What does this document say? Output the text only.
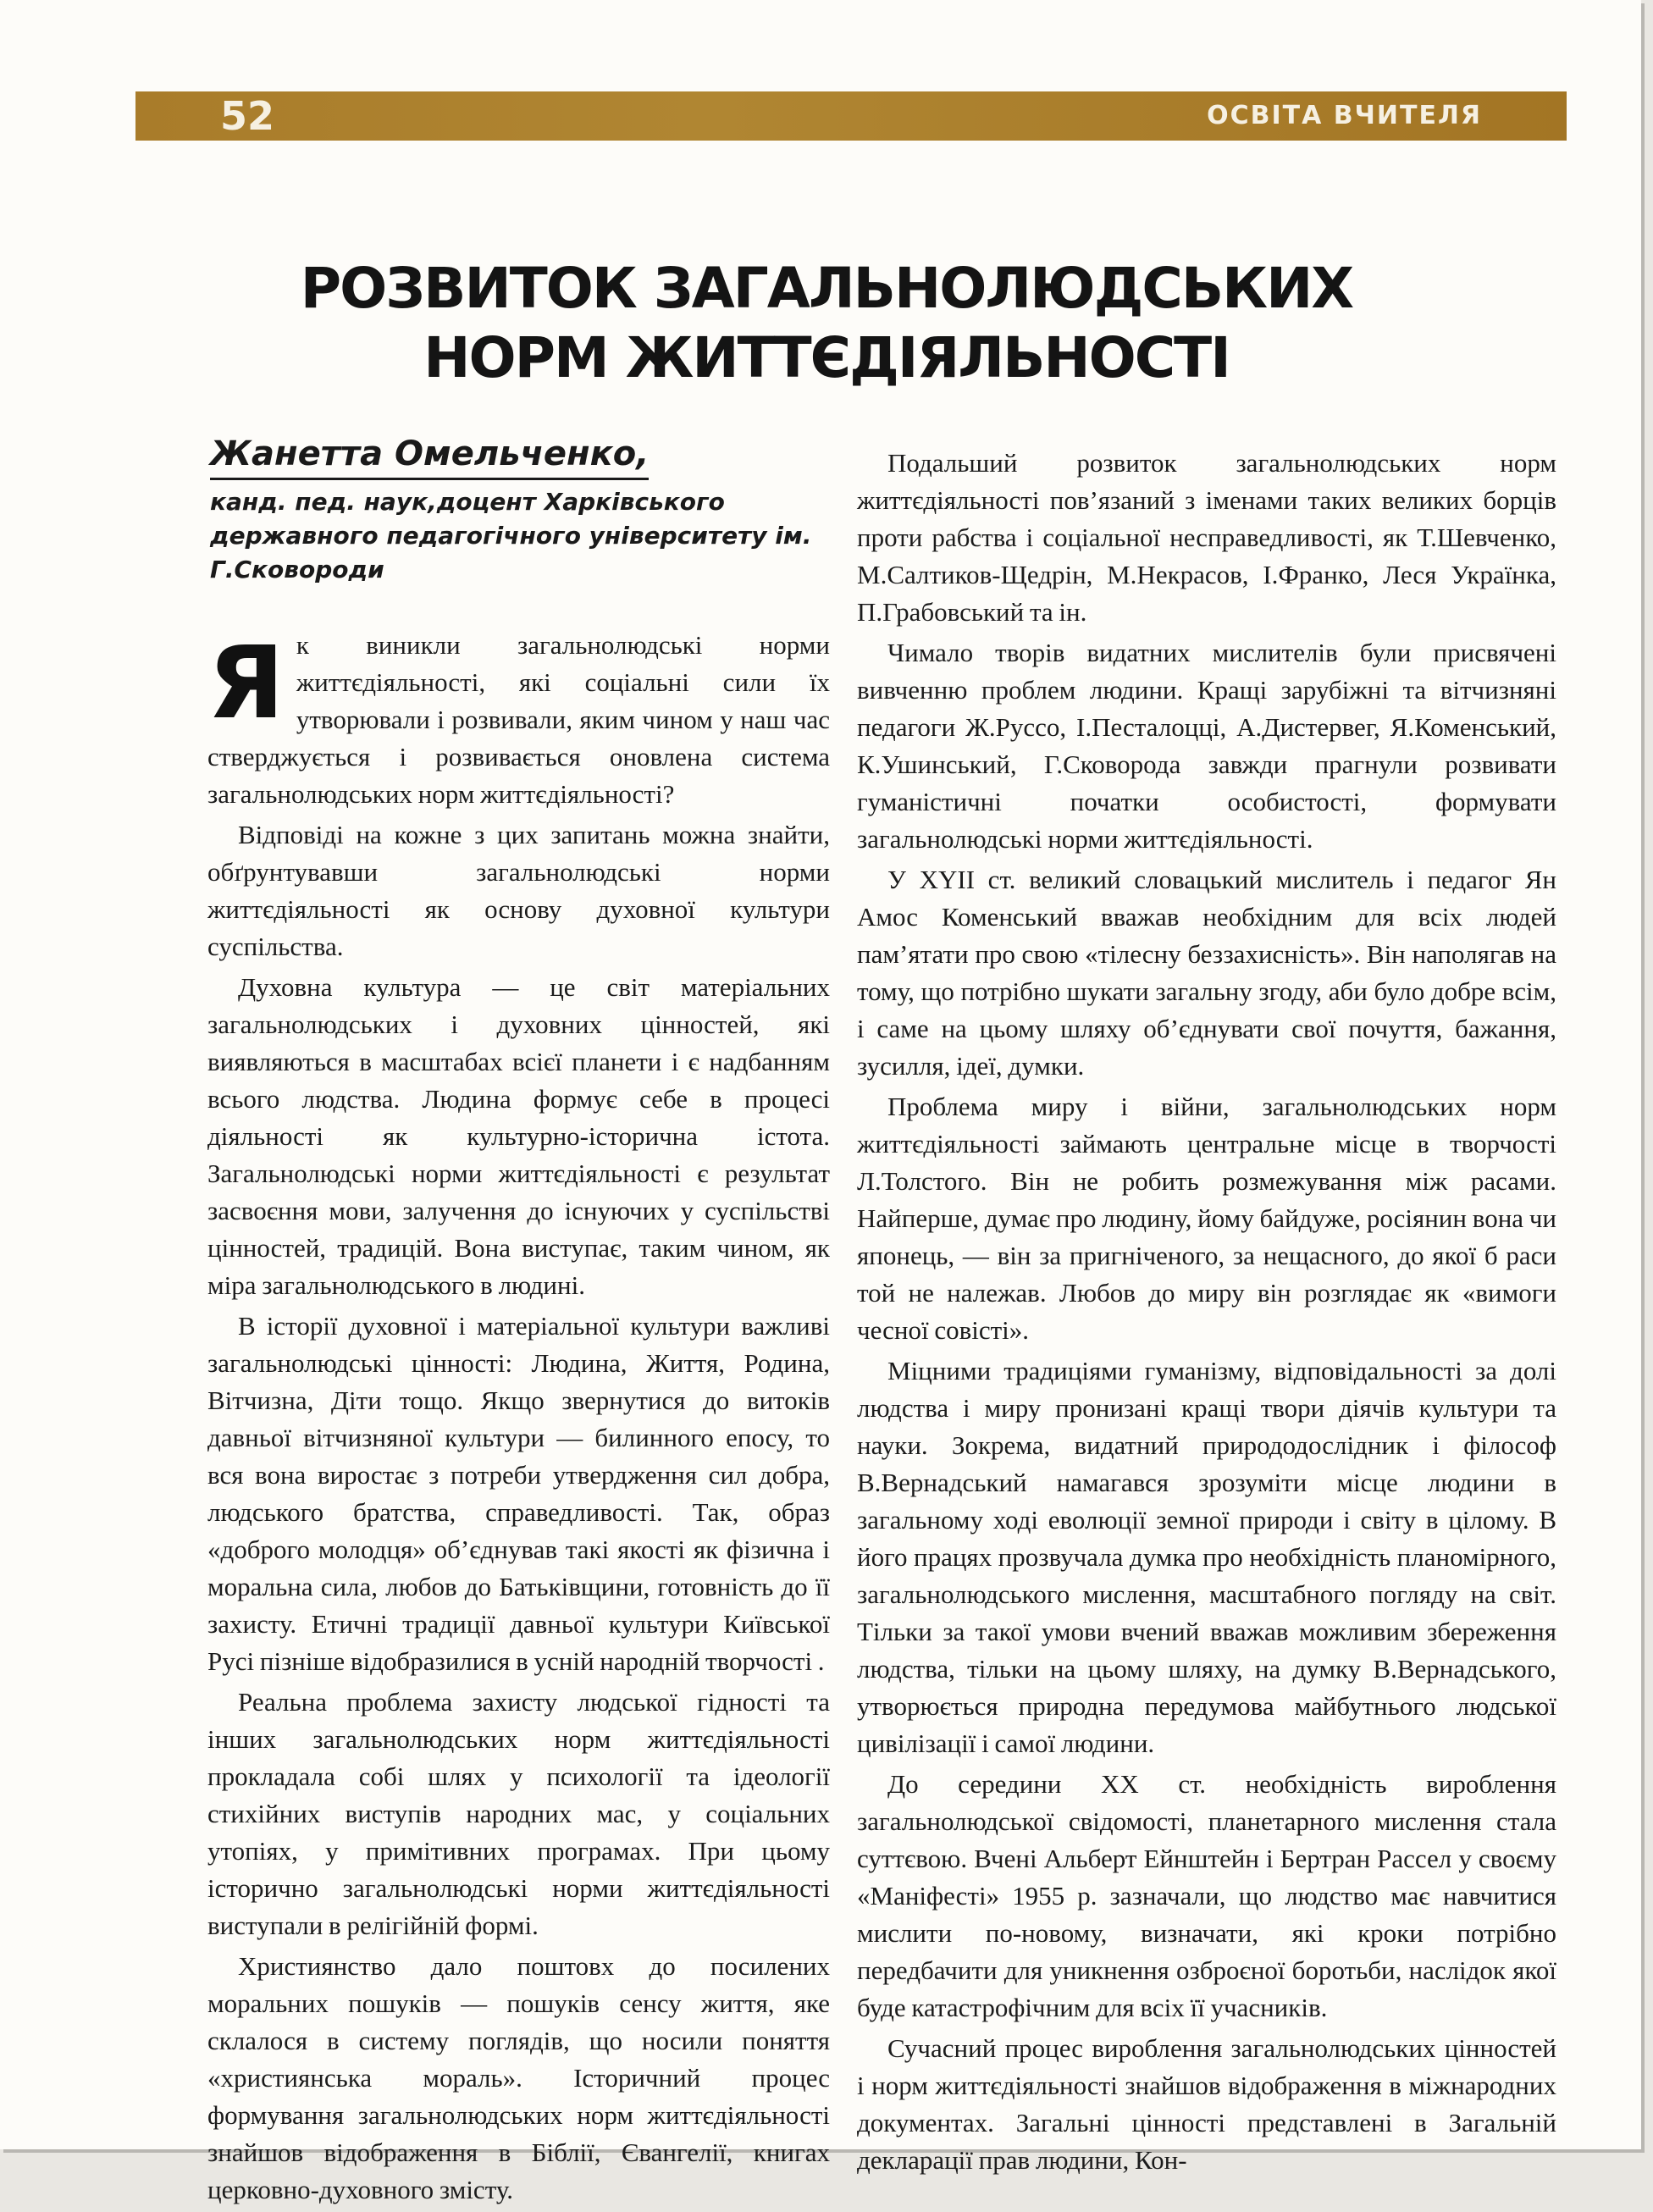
52	ОСВІТА ВЧИТЕЛЯ
РОЗВИТОК ЗАГАЛЬНОЛЮДСЬКИХ
НОРМ ЖИТТЄДІЯЛЬНОСТІ
Жанетта Омельченко,
канд. пед. наук,доцент Харківського державного педагогічного університету ім. Г.Сковороди

Як виникли загальнолюдські норми життєдіяльності, які соціальні сили їх утворювали і розвивали, яким чином у наш час стверджується і розвивається оновлена система загальнолюдських норм життєдіяльності?

Відповіді на кожне з цих запитань можна знайти, обґрунтувавши загальнолюдські норми життєдіяльності як основу духовної культури суспільства.

Духовна культура — це світ матеріальних загальнолюдських і духовних цінностей, які виявляються в масштабах всієї планети і є надбанням всього людства. Людина формує себе в процесі діяльності як культурно-історична істота. Загальнолюдські норми життєдіяльності є результат засвоєння мови, залучення до існуючих у суспільстві цінностей, традицій. Вона виступає, таким чином, як міра загальнолюдського в людині.

В історії духовної і матеріальної культури важливі загальнолюдські цінності: Людина, Життя, Родина, Вітчизна, Діти тощо. Якщо звернутися до витоків давньої вітчизняної культури — билинного епосу, то вся вона виростає з потреби утвердження сил добра, людського братства, справедливості. Так, образ «доброго молодця» об’єднував такі якості як фізична і моральна сила, любов до Батьківщини, готовність до її захисту. Етичні традиції давньої культури Київської Русі пізніше відобразилися в усній народній творчості .

Реальна проблема захисту людської гідності та інших загальнолюдських норм життєдіяльності прокладала собі шлях у психології та ідеології стихійних виступів народних мас, у соціальних утопіях, у примітивних програмах. При цьому історично загальнолюдські норми життєдіяльності виступали в релігійній формі.

Християнство дало поштовх до посилених моральних пошуків — пошуків сенсу життя, яке склалося в систему поглядів, що носили поняття «християнська мораль». Історичний процес формування загальнолюдських норм життєдіяльності знайшов відображення в Біблії, Євангелії, книгах церковно-духовного змісту.

Подальший розвиток загальнолюдських норм життєдіяльності пов’язаний з іменами таких великих борців проти рабства і соціальної несправедливості, як Т.Шевченко, М.Салтиков-Щедрін, М.Некрасов, І.Франко, Леся Українка, П.Грабовський та ін.

Чимало творів видатних мислителів були присвячені вивченню проблем людини. Кращі зарубіжні та вітчизняні педагоги Ж.Руссо, І.Песталоцці, А.Дистервег, Я.Коменський, К.Ушинський, Г.Сковорода завжди прагнули розвивати гуманістичні початки особистості, формувати загальнолюдські норми життєдіяльності.

У XYII ст. великий словацький мислитель і педагог Ян Амос Коменський вважав необхідним для всіх людей пам’ятати про свою «тілесну беззахисність». Він наполягав на тому, що потрібно шукати загальну згоду, аби було добре всім, і саме на цьому шляху об’єднувати свої почуття, бажання, зусилля, ідеї, думки.

Проблема миру і війни, загальнолюдських норм життєдіяльності займають центральне місце в творчості Л.Толстого. Він не робить розмежування між расами. Найперше, думає про людину, йому байдуже, росіянин вона чи японець, — він за пригніченого, за нещасного, до якої б раси той не належав. Любов до миру він розглядає як «вимоги чесної совісті».

Міцними традиціями гуманізму, відповідальності за долі людства і миру пронизані кращі твори діячів культури та науки. Зокрема, видатний природодослідник і філософ В.Вернадський намагався зрозуміти місце людини в загальному ході еволюції земної природи і світу в цілому. В його працях прозвучала думка про необхідність планомірного, загальнолюдського мислення, масштабного погляду на світ. Тільки за такої умови вчений вважав можливим збереження людства, тільки на цьому шляху, на думку В.Вернадського, утворюється природна передумова майбутнього людської цивілізації і самої людини.

До середини XX ст. необхідність вироблення загальнолюдської свідомості, планетарного мислення стала суттєвою. Вчені Альберт Ейнштейн і Бертран Рассел у своєму «Маніфесті» 1955 р. зазначали, що людство має навчитися мислити по-новому, визначати, які кроки потрібно передбачити для уникнення озброєної боротьби, наслідок якої буде катастрофічним для всіх її учасників.

Сучасний процес вироблення загальнолюдських цінностей і норм життєдіяльності знайшов відображення в міжнародних документах. Загальні цінності представлені в Загальній декларації прав людини, Кон-
